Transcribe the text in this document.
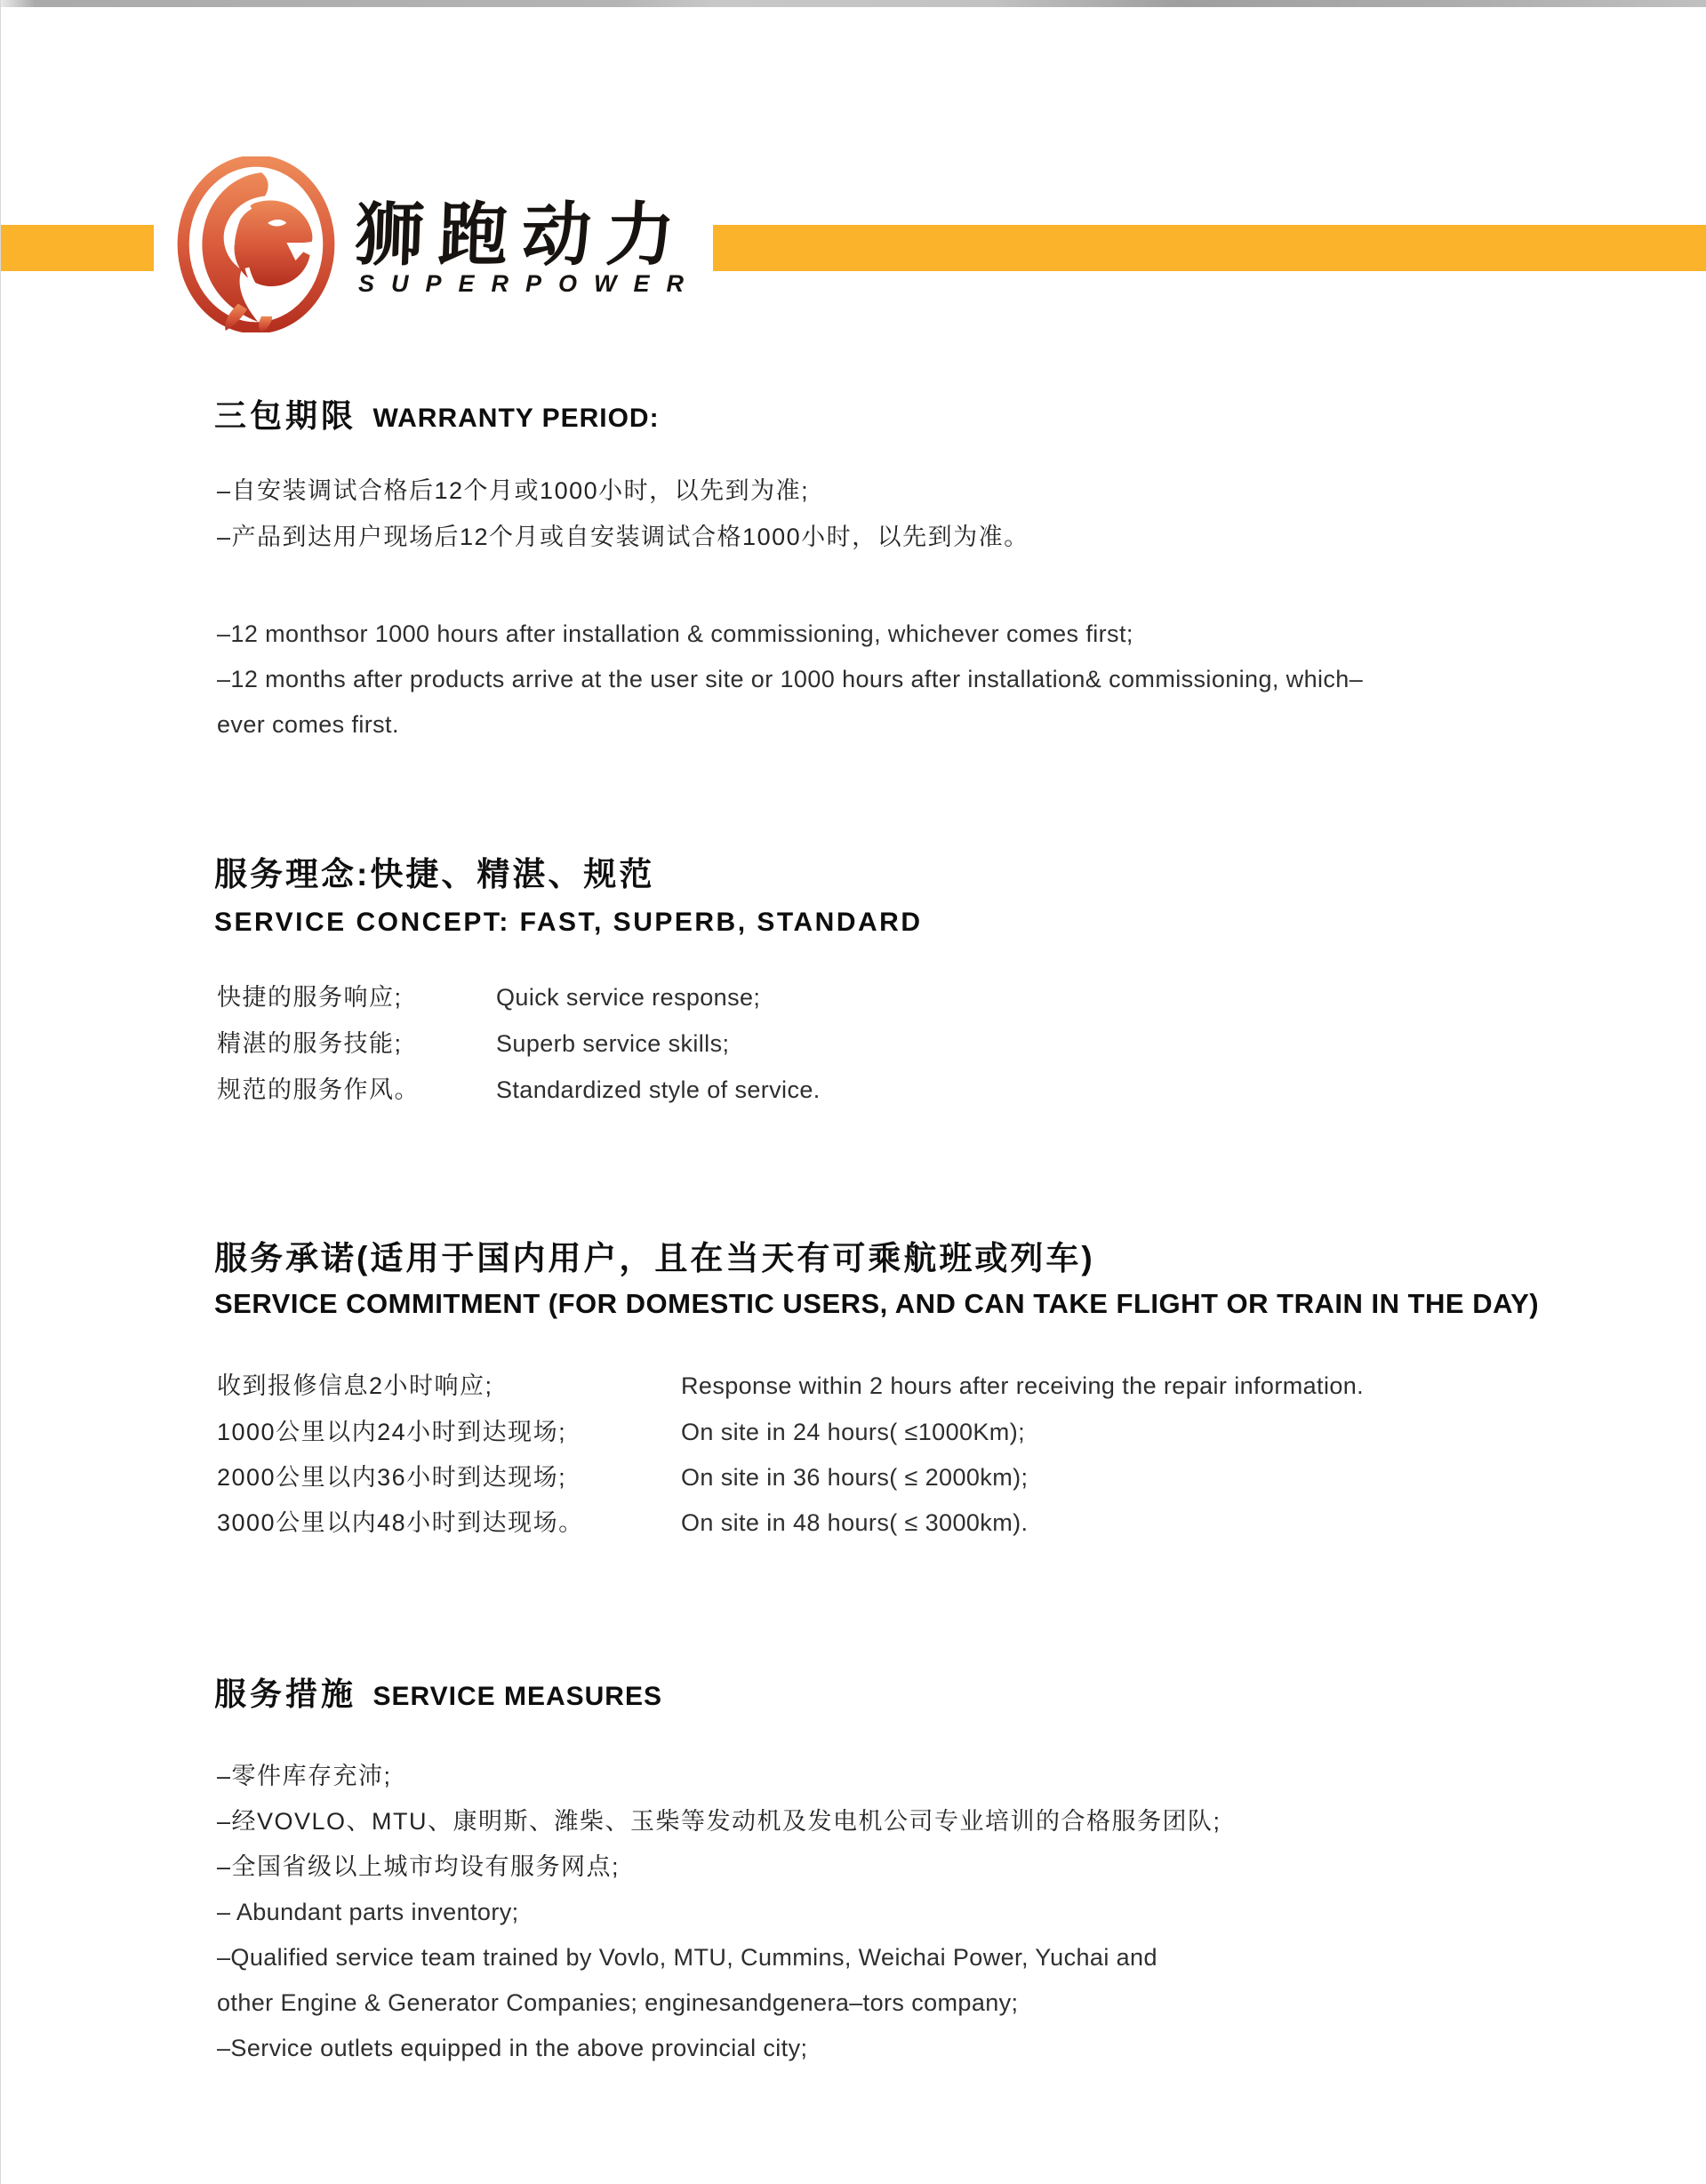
狮跑动力
SUPERPOWER
三包期限 WARRANTY PERIOD:
–自安装调试合格后12个月或1000小时，以先到为准;
–产品到达用户现场后12个月或自安装调试合格1000小时，以先到为准。
–12 monthsor 1000 hours after installation & commissioning, whichever comes first;
–12 months after products arrive at the user site or 1000 hours after installation& commissioning, which–
ever comes first.
服务理念:快捷、精湛、规范
SERVICE CONCEPT: FAST, SUPERB, STANDARD
快捷的服务响应;	Quick service response;
精湛的服务技能;	Superb service skills;
规范的服务作风。	Standardized style of service.
服务承诺(适用于国内用户，且在当天有可乘航班或列车)
SERVICE COMMITMENT (FOR DOMESTIC USERS, AND CAN TAKE FLIGHT OR TRAIN IN THE DAY)
收到报修信息2小时响应;	Response within 2 hours after receiving the repair information.
1000公里以内24小时到达现场;	On site in 24 hours( ≤1000Km);
2000公里以内36小时到达现场;	On site in 36 hours( ≤ 2000km);
3000公里以内48小时到达现场。	On site in 48 hours( ≤ 3000km).
服务措施 SERVICE MEASURES
–零件库存充沛;
–经VOVLO、MTU、康明斯、潍柴、玉柴等发动机及发电机公司专业培训的合格服务团队;
–全国省级以上城市均设有服务网点;
– Abundant parts inventory;
–Qualified service team trained by Vovlo, MTU, Cummins, Weichai Power, Yuchai and
other Engine & Generator Companies; enginesandgenera–tors company;
–Service outlets equipped in the above provincial city;
